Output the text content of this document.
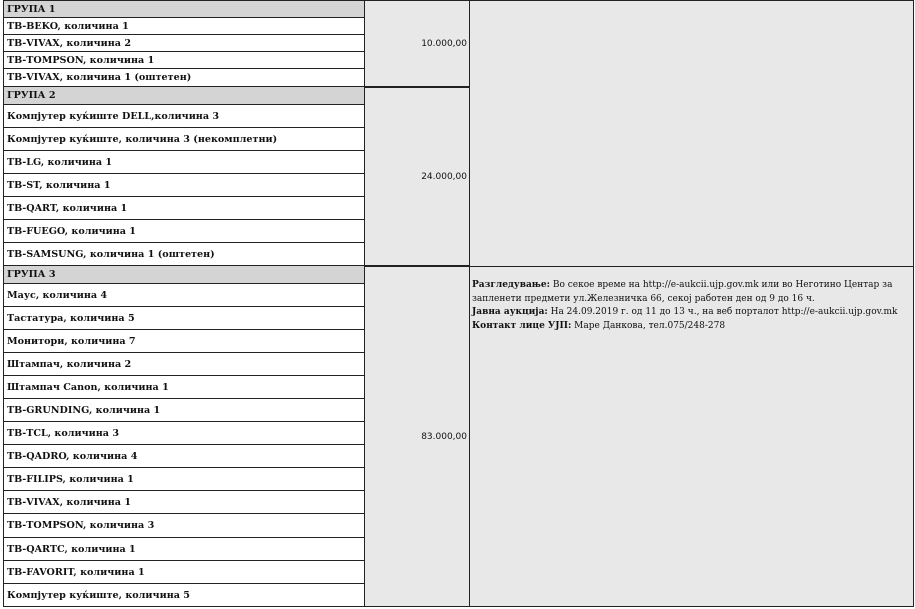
ГРУПА 1
ТВ-BEKO, количина 1
ТВ-VIVAX, количина 2
ТВ-TOMPSON, количина 1
ТВ-VIVAX, количина 1 (оштетен)
ГРУПА 2
Компјутер куќиште DELL,количина 3
Компјутер куќиште, количина 3 (некомплетни)
ТВ-LG, количина 1
ТВ-ST, количина 1
ТВ-QART, количина 1
ТВ-FUEGO, количина 1
ТВ-SAMSUNG, количина 1 (оштетен)
ГРУПА 3
Маус, количина 4
Тастатура, количина 5
Монитори, количина 7
Штампач, количина 2
Штампач Canon, количина 1
ТВ-GRUNDING, количина 1
ТВ-TCL, количина 3
ТВ-QADRO, количина 4
ТВ-FILIPS, количина 1
ТВ-VIVAX, количина 1
ТВ-TOMPSON, количина 3
ТВ-QARTC, количина 1
ТВ-FAVORIT, количина 1
Компјутер куќиште, количина 5
10.000,00
24.000,00
83.000,00
Разгледување: Во секое време на http://e-aukcii.ujp.gov.mk или во Неготино Центар за запленети предмети ул.Железничка 66, секој работен ден од 9 до 16 ч.
Јавна аукција: На 24.09.2019 г. од 11 до 13 ч., на веб порталот http://e-aukcii.ujp.gov.mk
Контакт лице УЈП: Маре Данкова, тел.075/248-278
